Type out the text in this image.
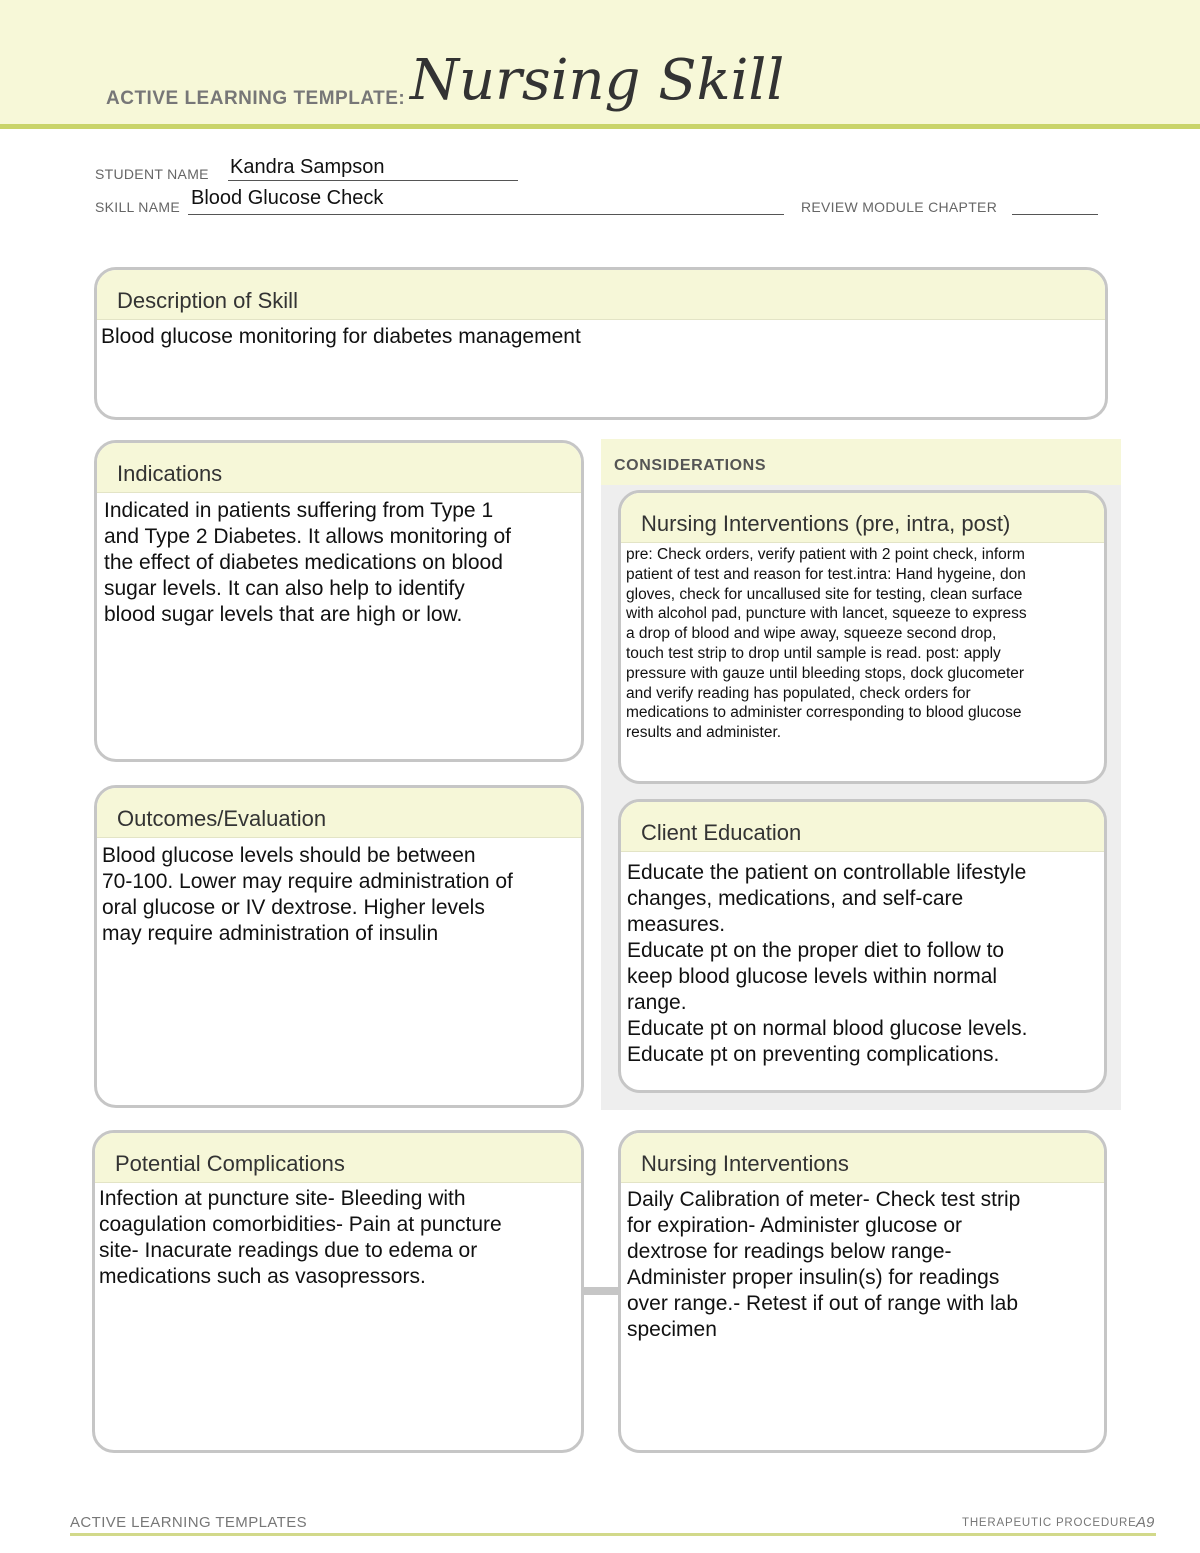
ACTIVE LEARNING TEMPLATE: Nursing Skill
STUDENT NAME Kandra Sampson
SKILL NAME Blood Glucose Check	REVIEW MODULE CHAPTER
Description of Skill
Blood glucose monitoring for diabetes management
Indications
Indicated in patients suffering from Type 1
and Type 2 Diabetes. It allows monitoring of
the effect of diabetes medications on blood
sugar levels. It can also help to identify
blood sugar levels that are high or low.
CONSIDERATIONS
Nursing Interventions (pre, intra, post)
pre: Check orders, verify patient with 2 point check, inform
patient of test and reason for test.intra: Hand hygeine, don
gloves, check for uncallused site for testing, clean surface
with alcohol pad, puncture with lancet, squeeze to express
a drop of blood and wipe away, squeeze second drop,
touch test strip to drop until sample is read. post: apply
pressure with gauze until bleeding stops, dock glucometer
and verify reading has populated, check orders for
medications to administer corresponding to blood glucose
results and administer.
Client Education
Educate the patient on controllable lifestyle
changes, medications, and self-care
measures.
Educate pt on the proper diet to follow to
keep blood glucose levels within normal
range.
Educate pt on normal blood glucose levels.
Educate pt on preventing complications.
Outcomes/Evaluation
Blood glucose levels should be between
70-100. Lower may require administration of
oral glucose or IV dextrose. Higher levels
may require administration of insulin
Potential Complications
Infection at puncture site- Bleeding with
coagulation comorbidities- Pain at puncture
site- Inacurate readings due to edema or
medications such as vasopressors.
Nursing Interventions
Daily Calibration of meter- Check test strip
for expiration- Administer glucose or
dextrose for readings below range-
Administer proper insulin(s) for readings
over range.- Retest if out of range with lab
specimen
ACTIVE LEARNING TEMPLATES	THERAPEUTIC PROCEDURE A9
